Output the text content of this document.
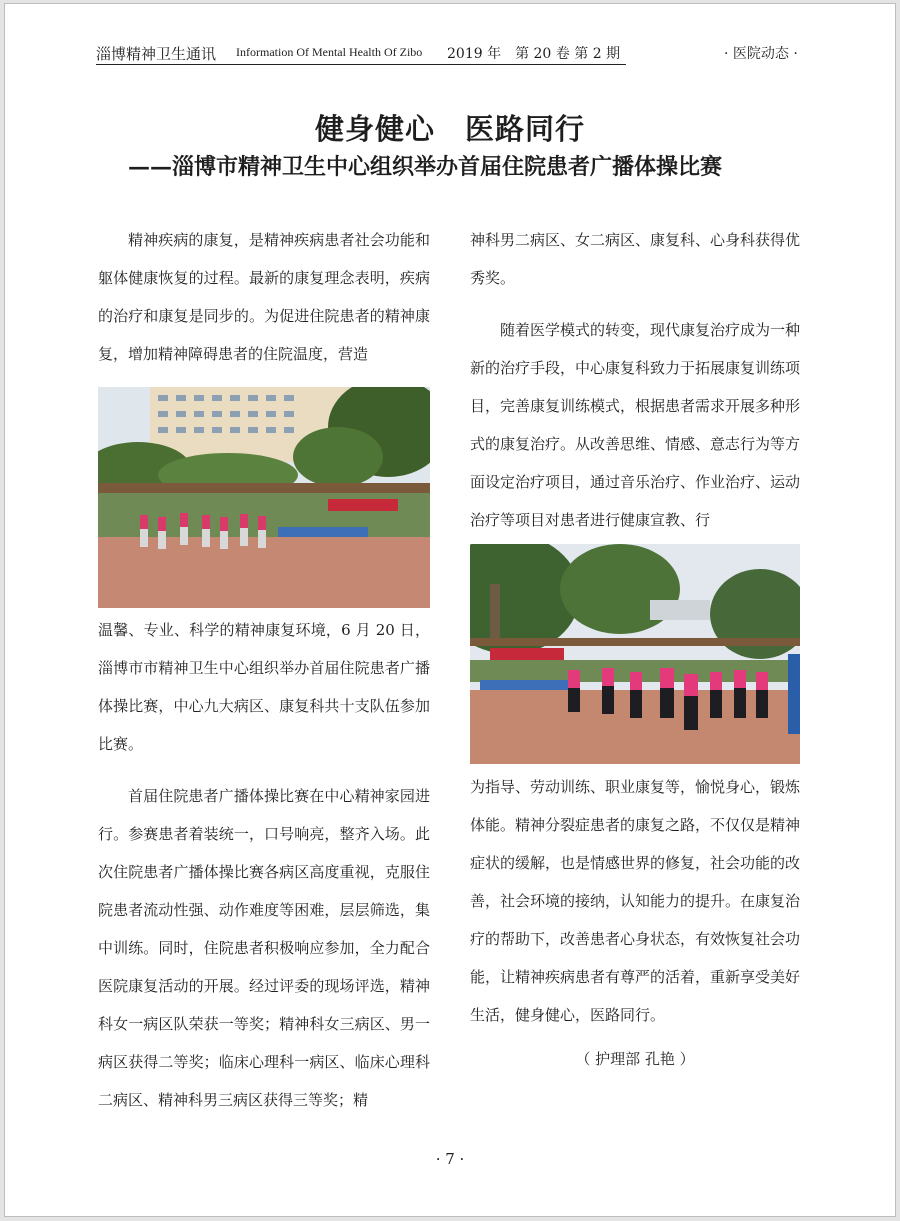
淄博精神卫生通讯 Information Of Mental Health Of Zibo 2019 年　第 20 卷 第 2 期	· 医院动态 ·
健身健心　医路同行
——淄博市精神卫生中心组织举办首届住院患者广播体操比赛

精神疾病的康复，是精神疾病患者社会功能和躯体健康恢复的过程。最新的康复理念表明，疾病的治疗和康复是同步的。为促进住院患者的精神康复，增加精神障碍患者的住院温度，营造

温馨、专业、科学的精神康复环境，6 月 20 日，淄博市市精神卫生中心组织举办首届住院患者广播体操比赛，中心九大病区、康复科共十支队伍参加比赛。

首届住院患者广播体操比赛在中心精神家园进行。参赛患者着装统一，口号响亮，整齐入场。此次住院患者广播体操比赛各病区高度重视，克服住院患者流动性强、动作难度等困难，层层筛选，集中训练。同时，住院患者积极响应参加，全力配合医院康复活动的开展。经过评委的现场评选，精神科女一病区队荣获一等奖；精神科女三病区、男一病区获得二等奖；临床心理科一病区、临床心理科二病区、精神科男三病区获得三等奖；精

神科男二病区、女二病区、康复科、心身科获得优秀奖。

随着医学模式的转变，现代康复治疗成为一种新的治疗手段，中心康复科致力于拓展康复训练项目，完善康复训练模式，根据患者需求开展多种形式的康复治疗。从改善思维、情感、意志行为等方面设定治疗项目，通过音乐治疗、作业治疗、运动治疗等项目对患者进行健康宣教、行

为指导、劳动训练、职业康复等，愉悦身心，锻炼体能。精神分裂症患者的康复之路，不仅仅是精神症状的缓解，也是情感世界的修复，社会功能的改善，社会环境的接纳，认知能力的提升。在康复治疗的帮助下，改善患者心身状态，有效恢复社会功能，让精神疾病患者有尊严的活着，重新享受美好生活，健身健心，医路同行。

（ 护理部 孔艳 ）
· 7 ·
